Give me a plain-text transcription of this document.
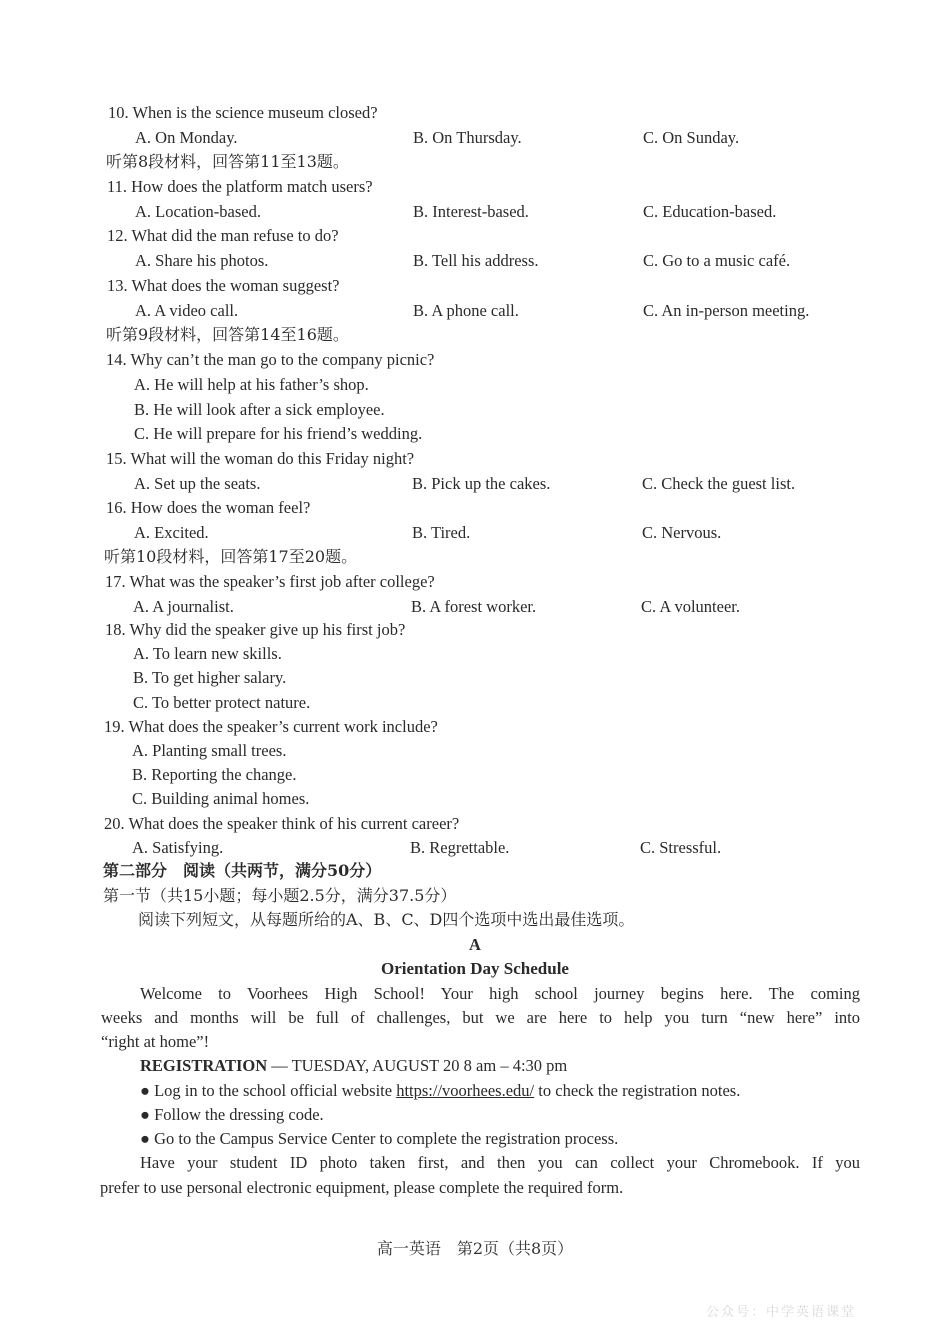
10. When is the science museum closed?
A. On Monday.	B. On Thursday.	C. On Sunday.
听第8段材料，回答第11至13题。
11. How does the platform match users?
A. Location-based.	B. Interest-based.	C. Education-based.
12. What did the man refuse to do?
A. Share his photos.	B. Tell his address.	C. Go to a music café.
13. What does the woman suggest?
A. A video call.	B. A phone call.	C. An in-person meeting.
听第9段材料，回答第14至16题。
14. Why can’t the man go to the company picnic?
A. He will help at his father’s shop.
B. He will look after a sick employee.
C. He will prepare for his friend’s wedding.
15. What will the woman do this Friday night?
A. Set up the seats.	B. Pick up the cakes.	C. Check the guest list.
16. How does the woman feel?
A. Excited.	B. Tired.	C. Nervous.
听第10段材料，回答第17至20题。
17. What was the speaker’s first job after college?
A. A journalist.	B. A forest worker.	C. A volunteer.
18. Why did the speaker give up his first job?
A. To learn new skills.
B. To get higher salary.
C. To better protect nature.
19. What does the speaker’s current work include?
A. Planting small trees.
B. Reporting the change.
C. Building animal homes.
20. What does the speaker think of his current career?
A. Satisfying.	B. Regrettable.	C. Stressful.
第二部分　阅读（共两节，满分50分）
第一节（共15小题；每小题2.5分，满分37.5分）
阅读下列短文，从每题所给的A、B、C、D四个选项中选出最佳选项。
A
Orientation Day Schedule
Welcome to Voorhees High School! Your high school journey begins here. The coming
weeks and months will be full of challenges, but we are here to help you turn “new here” into
“right at home”!
REGISTRATION — TUESDAY, AUGUST 20 8 am – 4:30 pm
● Log in to the school official website https://voorhees.edu/ to check the registration notes.
● Follow the dressing code.
● Go to the Campus Service Center to complete the registration process.
Have your student ID photo taken first, and then you can collect your Chromebook. If you
prefer to use personal electronic equipment, please complete the required form.
高一英语　第2页（共8页）
公众号：中学英语课堂
